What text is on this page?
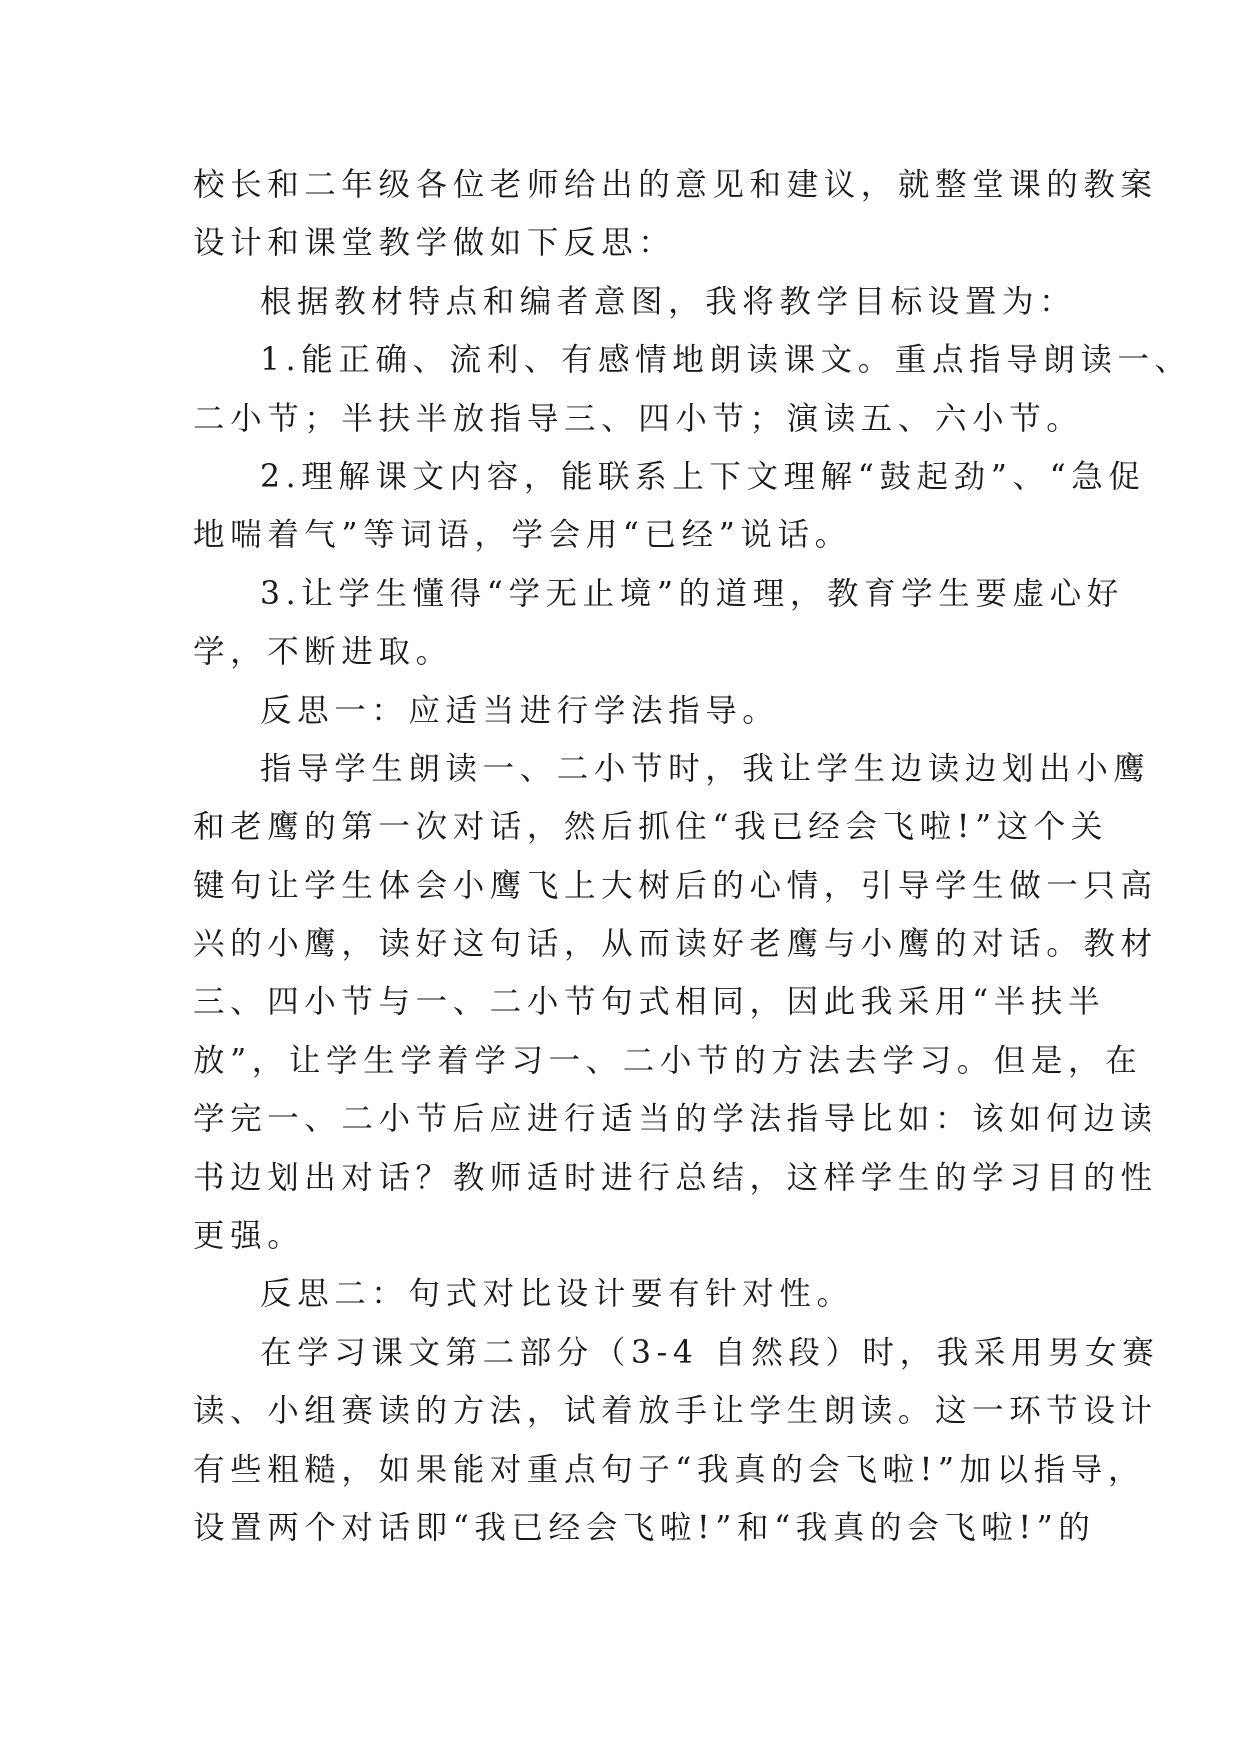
校长和二年级各位老师给出的意见和建议，就整堂课的教案
设计和课堂教学做如下反思：
根据教材特点和编者意图，我将教学目标设置为：
1.能正确、流利、有感情地朗读课文。重点指导朗读一、
二小节；半扶半放指导三、四小节；演读五、六小节。
2.理解课文内容，能联系上下文理解“鼓起劲”、“急促
地喘着气”等词语，学会用“已经”说话。
3.让学生懂得“学无止境”的道理，教育学生要虚心好
学，不断进取。
反思一：应适当进行学法指导。
指导学生朗读一、二小节时，我让学生边读边划出小鹰
和老鹰的第一次对话，然后抓住“我已经会飞啦!”这个关
键句让学生体会小鹰飞上大树后的心情，引导学生做一只高
兴的小鹰，读好这句话，从而读好老鹰与小鹰的对话。教材
三、四小节与一、二小节句式相同，因此我采用“半扶半
放”，让学生学着学习一、二小节的方法去学习。但是，在
学完一、二小节后应进行适当的学法指导比如：该如何边读
书边划出对话？教师适时进行总结，这样学生的学习目的性
更强。
反思二：句式对比设计要有针对性。
在学习课文第二部分（3-4 自然段）时，我采用男女赛
读、小组赛读的方法，试着放手让学生朗读。这一环节设计
有些粗糙，如果能对重点句子“我真的会飞啦!”加以指导，
设置两个对话即“我已经会飞啦!”和“我真的会飞啦!”的
